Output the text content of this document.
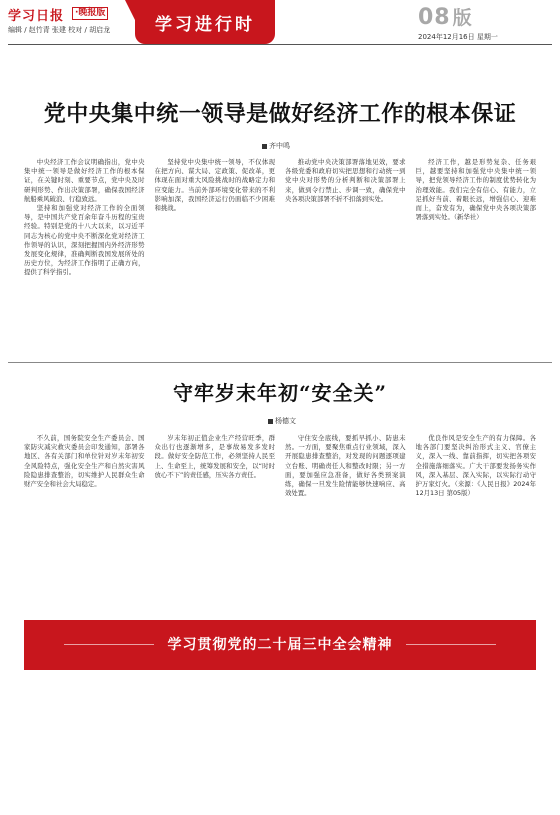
学习日报	·晚报版
编辑 / 赵竹青 张建 校对 / 胡启龙	学习进行时	08 版
2024年12月16日 星期一
党中央集中统一领导是做好经济工作的根本保证
齐中鸣

中央经济工作会议明确指出，党中央集中统一领导是做好经济工作的根本保证，在关键时刻、重要节点，党中央及时研判形势、作出决策部署，确保我国经济航船乘风破浪、行稳致远。

坚持和加强党对经济工作的全面领导，是中国共产党百余年奋斗历程的宝贵经验。特别是党的十八大以来，以习近平同志为核心的党中央不断深化党对经济工作领导的认识，深刻把握国内外经济形势发展变化规律，准确判断我国发展所处的历史方位，为经济工作指明了正确方向，提供了科学指引。

坚持党中央集中统一领导，不仅体现在把方向、谋大局、定政策、促改革，更体现在面对重大风险挑战时的战略定力和应变能力。当前外部环境变化带来的不利影响加深，我国经济运行仍面临不少困难和挑战。

推动党中央决策部署落地见效，要求各级党委和政府切实把思想和行动统一到党中央对形势的分析判断和决策部署上来，做到令行禁止、步调一致，确保党中央各项决策部署不折不扣落到实处。

经济工作，越是形势复杂、任务艰巨，越要坚持和加强党中央集中统一领导，把党领导经济工作的制度优势转化为治理效能。我们完全有信心、有能力，立足抓好当前、着眼长远，增强信心、迎难而上，奋发有为，确保党中央各项决策部署落到实处。（新华社）

守牢岁末年初“安全关”
杨德文

不久前，国务院安全生产委员会、国家防灾减灾救灾委员会印发通知，部署各地区、各有关部门和单位针对岁末年初安全风险特点，强化安全生产和自然灾害风险隐患排查整治，切实维护人民群众生命财产安全和社会大局稳定。

岁末年初正值企业生产经营旺季，群众出行也逐渐增多，是事故易发多发时段。做好安全防范工作，必须坚持人民至上、生命至上，统筹发展和安全，以“时时放心不下”的责任感，压实各方责任。

守住安全底线，要抓早抓小、防患未然。一方面，要聚焦重点行业领域，深入开展隐患排查整治，对发现的问题逐项建立台账、明确责任人和整改时限；另一方面，要加强应急准备，做好各类预案演练，确保一旦发生险情能够快速响应、高效处置。

优良作风是安全生产的有力保障。各地各部门要坚决纠治形式主义、官僚主义，深入一线、靠前指挥，切实把各项安全措施落细落实。广大干部要发扬务实作风，深入基层、深入实际，以实际行动守护万家灯火。（来源：《人民日报》2024年12月13日 第05版）

学习贯彻党的二十届三中全会精神
